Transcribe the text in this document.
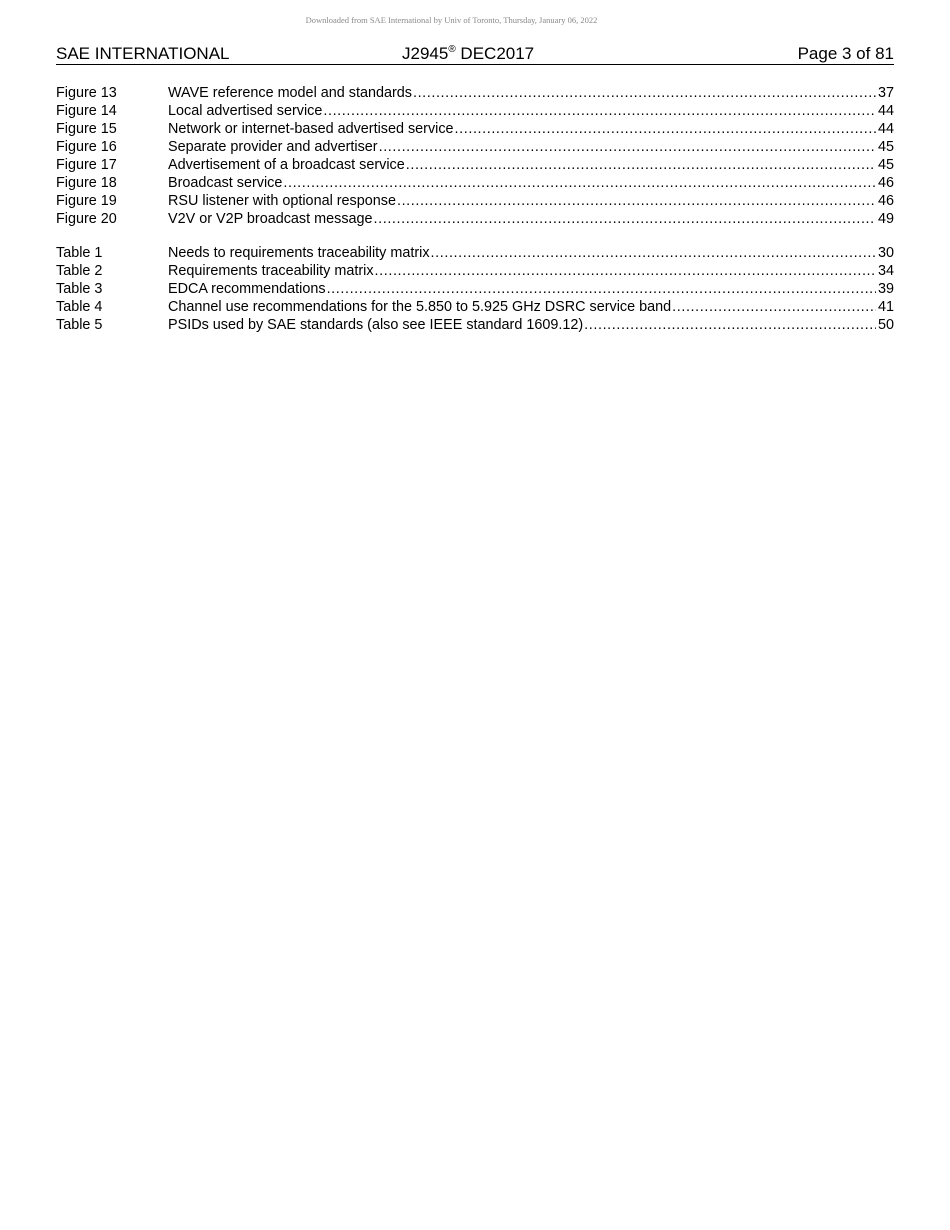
Downloaded from SAE International by Univ of Toronto, Thursday, January 06, 2022
SAE INTERNATIONAL	J2945® DEC2017	Page 3 of 81
Figure 13	WAVE reference model and standards .....	37
Figure 14	Local advertised service .....	44
Figure 15	Network or internet-based advertised service .....	44
Figure 16	Separate provider and advertiser .....	45
Figure 17	Advertisement of a broadcast service .....	45
Figure 18	Broadcast service .....	46
Figure 19	RSU listener with optional response .....	46
Figure 20	V2V or V2P broadcast message .....	49
Table 1	Needs to requirements traceability matrix .....	30
Table 2	Requirements traceability matrix .....	34
Table 3	EDCA recommendations .....	39
Table 4	Channel use recommendations for the 5.850 to 5.925 GHz DSRC service band .....	41
Table 5	PSIDs used by SAE standards (also see IEEE standard 1609.12) .....	50
